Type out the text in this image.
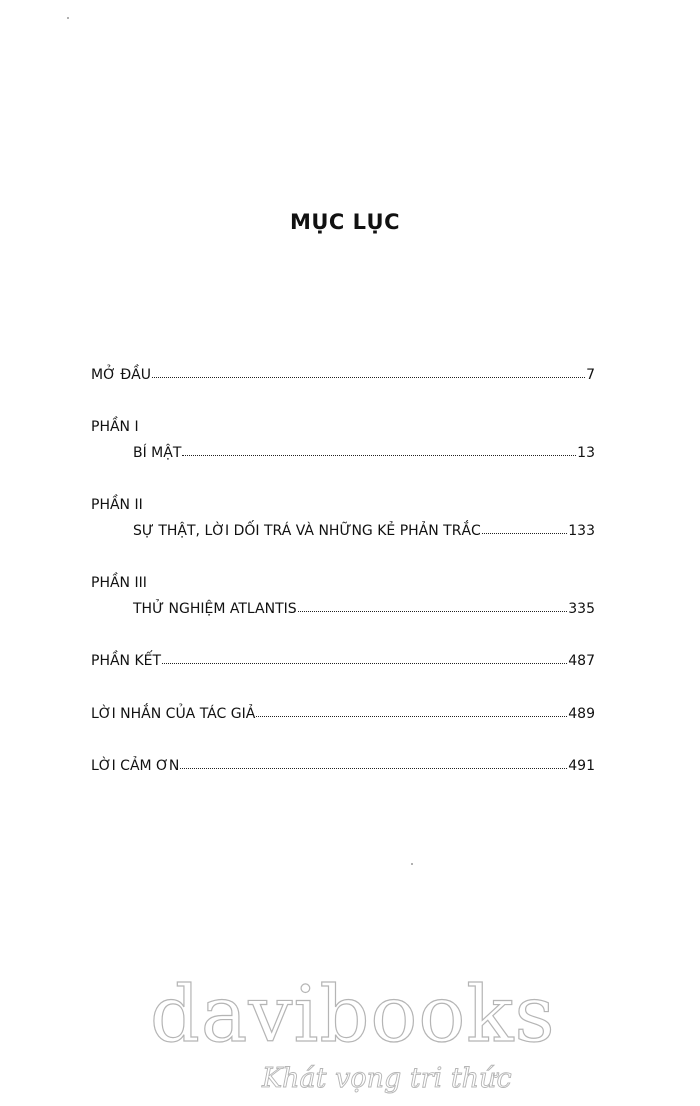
MỤC LỤC
MỞ ĐẦU	7
PHẦN I
BÍ MẬT	13
PHẦN II
SỰ THẬT, LỜI DỐI TRÁ VÀ NHỮNG KẺ PHẢN TRẮC	133
PHẦN III
THỬ NGHIỆM ATLANTIS	335
PHẦN KẾT	487
LỜI NHẮN CỦA TÁC GIẢ	489
LỜI CẢM ƠN	491
davibooks
Khát vọng tri thức
